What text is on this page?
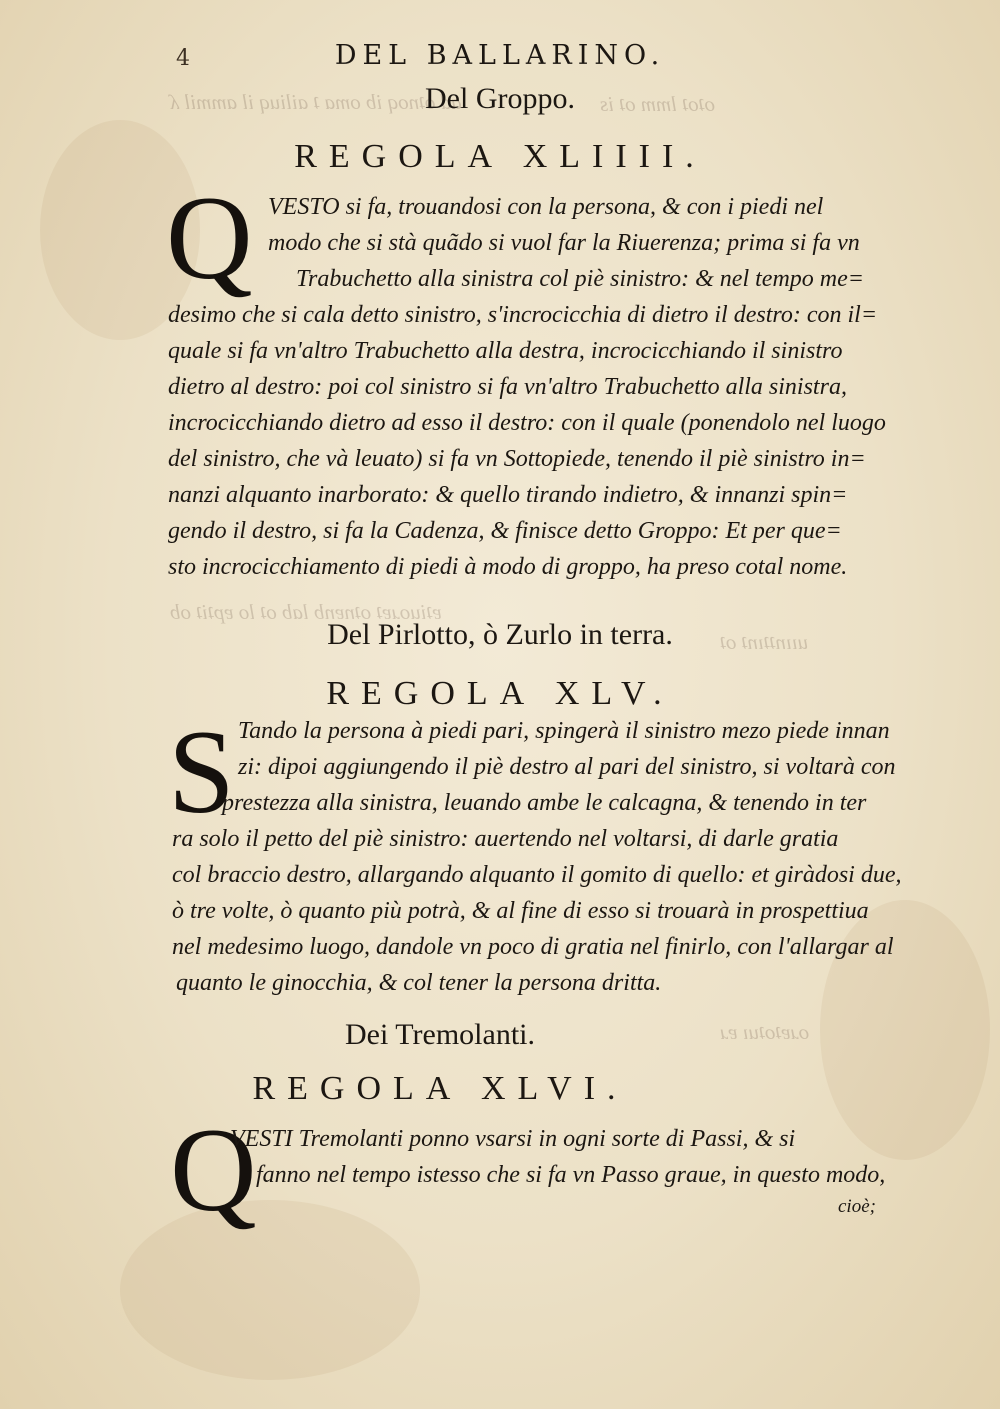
ad oʇnoq ib oma ʇ ailiuq il ammil ʎ	oʇoʇ lmm oʇ is
ɐʇiuoɹɐʇ oʇnɐnb lab oʇ lo ɐpʇiʇ ob
uıınʇʇınʇ oʇ
oɹɐʇoʇuı ɐɹ
4	DEL BALLARINO.
Del Groppo.
REGOLA XLIIII.
Q VESTO si fa, trouandosi con la persona, & con i piedi nel
modo che si stà quãdo si vuol far la Riuerenza; prima si fa vn
Trabuchetto alla sinistra col piè sinistro: & nel tempo me=
desimo che si cala detto sinistro, s'incrocicchia di dietro il destro: con il=
quale si fa vn'altro Trabuchetto alla destra, incrocicchiando il sinistro
dietro al destro: poi col sinistro si fa vn'altro Trabuchetto alla sinistra,
incrocicchiando dietro ad esso il destro: con il quale (ponendolo nel luogo
del sinistro, che và leuato) si fa vn Sottopiede, tenendo il piè sinistro in=
nanzi alquanto inarborato: & quello tirando indietro, & innanzi spin=
gendo il destro, si fa la Cadenza, & finisce detto Groppo: Et per que=
sto incrocicchiamento di piedi à modo di groppo, ha preso cotal nome.
Del Pirlotto, ò Zurlo in terra.
REGOLA XLV.
S Tando la persona à piedi pari, spingerà il sinistro mezo piede innan
zi: dipoi aggiungendo il piè destro al pari del sinistro, si voltarà con
prestezza alla sinistra, leuando ambe le calcagna, & tenendo in ter
ra solo il petto del piè sinistro: auertendo nel voltarsi, di darle gratia
col braccio destro, allargando alquanto il gomito di quello: et giràdosi due,
ò tre volte, ò quanto più potrà, & al fine di esso si trouarà in prospettiua
nel medesimo luogo, dandole vn poco di gratia nel finirlo, con l'allargar al
quanto le ginocchia, & col tener la persona dritta.
Dei Tremolanti.
REGOLA XLVI.
Q
VESTI Tremolanti ponno vsarsi in ogni sorte di Passi, & si
fanno nel tempo istesso che si fa vn Passo graue, in questo modo,
cioè;
